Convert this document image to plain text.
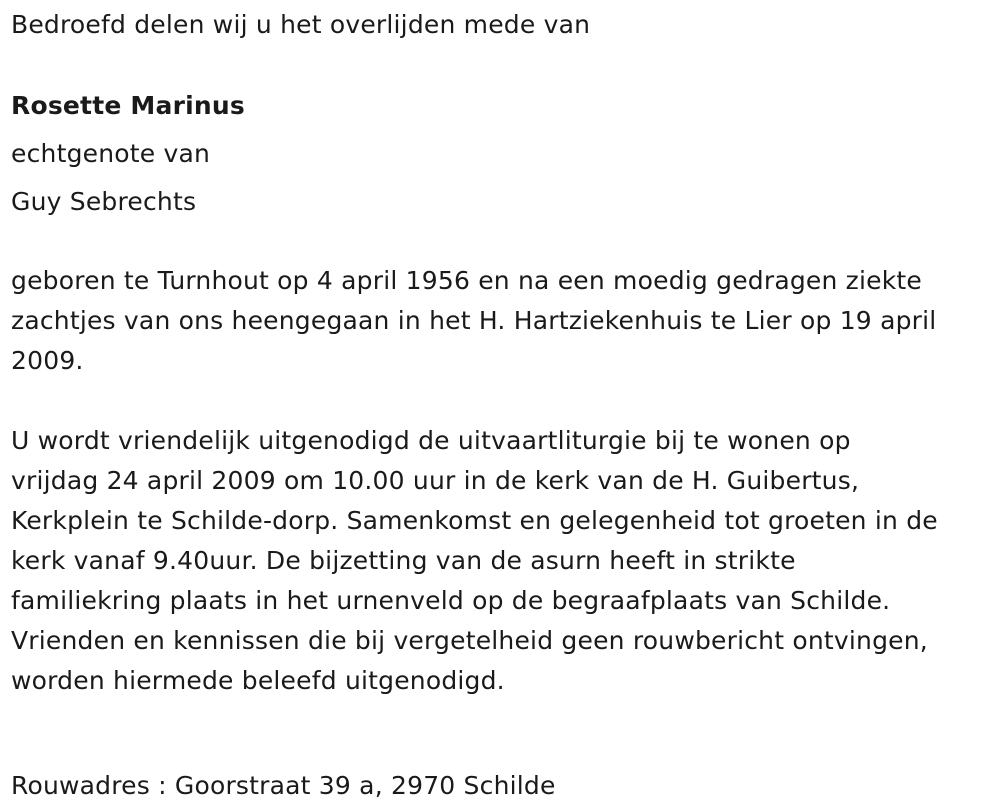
Bedroefd delen wij u het overlijden mede van

Rosette Marinus

echtgenote van

Guy Sebrechts

geboren te Turnhout op 4 april 1956 en na een moedig gedragen ziekte
zachtjes van ons heengegaan in het H. Hartziekenhuis te Lier op 19 april
2009.

U wordt vriendelijk uitgenodigd de uitvaartliturgie bij te wonen op
vrijdag 24 april 2009 om 10.00 uur in de kerk van de H. Guibertus,
Kerkplein te Schilde-dorp. Samenkomst en gelegenheid tot groeten in de
kerk vanaf 9.40uur. De bijzetting van de asurn heeft in strikte
familiekring plaats in het urnenveld op de begraafplaats van Schilde.
Vrienden en kennissen die bij vergetelheid geen rouwbericht ontvingen,
worden hiermede beleefd uitgenodigd.

Rouwadres : Goorstraat 39 a, 2970 Schilde
